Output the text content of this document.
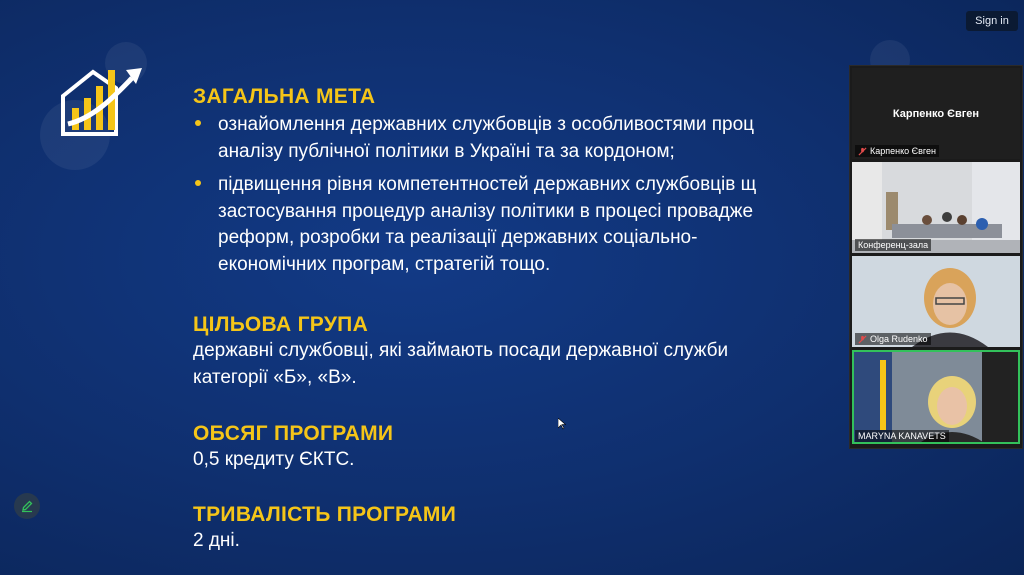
Sign in
ЗАГАЛЬНА МЕТА
ознайомлення державних службовців з особливостями проц
аналізу публічної політики в Україні та за кордоном;
підвищення рівня компетентностей державних службовців щ
застосування процедур аналізу політики в процесі провадже
реформ, розробки та реалізації державних соціально-
економічних програм, стратегій тощо.
ЦІЛЬОВА ГРУПА
державні службовці, які займають посади державної служби
категорії «Б», «В».
ОБСЯГ ПРОГРАМИ
0,5 кредиту ЄКТС.
ТРИВАЛІСТЬ ПРОГРАМИ
2 дні.
Карпенко Євген
Карпенко Євген
Конференц-зала
Olga Rudenko
MARYNA KANAVETS
